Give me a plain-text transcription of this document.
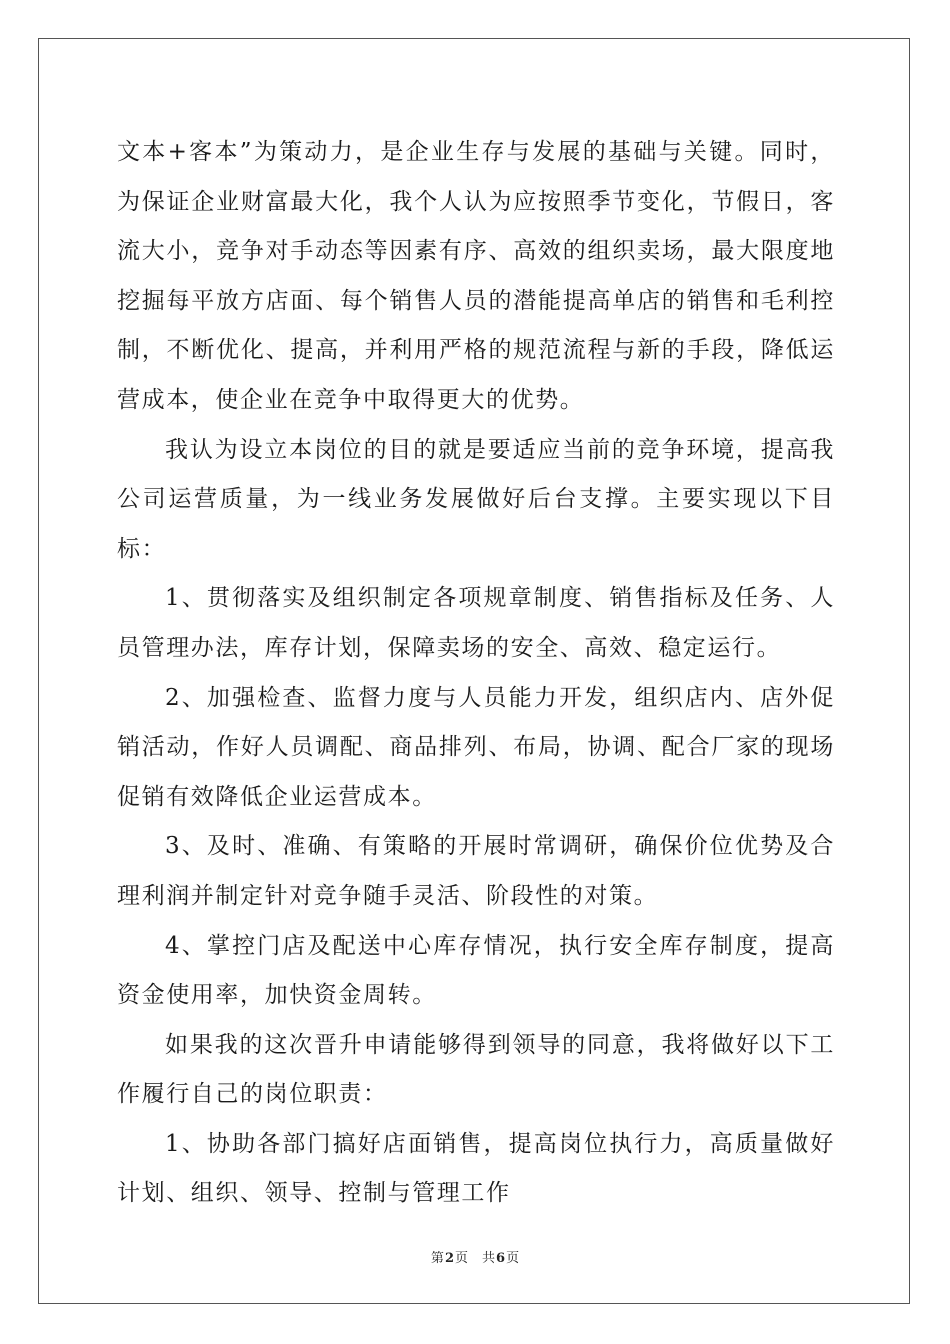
文本+客本”为策动力，是企业生存与发展的基础与关键。同时，为保证企业财富最大化，我个人认为应按照季节变化，节假日，客流大小，竞争对手动态等因素有序、高效的组织卖场，最大限度地挖掘每平放方店面、每个销售人员的潜能提高单店的销售和毛利控制，不断优化、提高，并利用严格的规范流程与新的手段，降低运营成本，使企业在竞争中取得更大的优势。

我认为设立本岗位的目的就是要适应当前的竞争环境，提高我公司运营质量，为一线业务发展做好后台支撑。主要实现以下目标：

1、贯彻落实及组织制定各项规章制度、销售指标及任务、人员管理办法，库存计划，保障卖场的安全、高效、稳定运行。

2、加强检查、监督力度与人员能力开发，组织店内、店外促销活动，作好人员调配、商品排列、布局，协调、配合厂家的现场促销有效降低企业运营成本。

3、及时、准确、有策略的开展时常调研，确保价位优势及合理利润并制定针对竞争随手灵活、阶段性的对策。

4、掌控门店及配送中心库存情况，执行安全库存制度，提高资金使用率，加快资金周转。

如果我的这次晋升申请能够得到领导的同意，我将做好以下工作履行自己的岗位职责：

1、协助各部门搞好店面销售，提高岗位执行力，高质量做好计划、组织、领导、控制与管理工作

第2页 共6页
